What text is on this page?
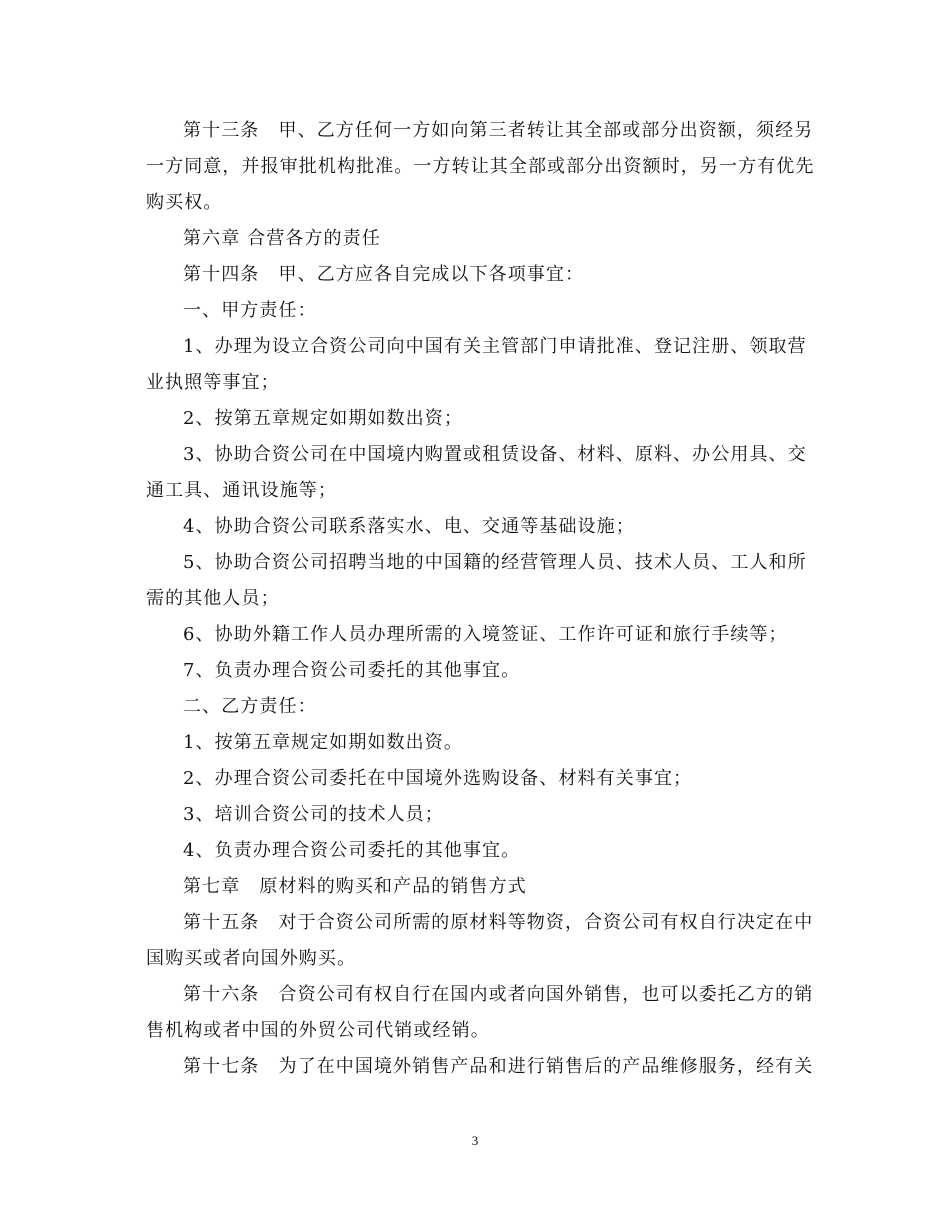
第十三条　甲、乙方任何一方如向第三者转让其全部或部分出资额，须经另
一方同意，并报审批机构批准。一方转让其全部或部分出资额时，另一方有优先
购买权。
第六章 合营各方的责任
第十四条　甲、乙方应各自完成以下各项事宜：
一、甲方责任：
1、办理为设立合资公司向中国有关主管部门申请批准、登记注册、领取营
业执照等事宜；
2、按第五章规定如期如数出资；
3、协助合资公司在中国境内购置或租赁设备、材料、原料、办公用具、交
通工具、通讯设施等；
4、协助合资公司联系落实水、电、交通等基础设施；
5、协助合资公司招聘当地的中国籍的经营管理人员、技术人员、工人和所
需的其他人员；
6、协助外籍工作人员办理所需的入境签证、工作许可证和旅行手续等；
7、负责办理合资公司委托的其他事宜。
二、乙方责任：
1、按第五章规定如期如数出资。
2、办理合资公司委托在中国境外选购设备、材料有关事宜；
3、培训合资公司的技术人员；
4、负责办理合资公司委托的其他事宜。
第七章　原材料的购买和产品的销售方式
第十五条　对于合资公司所需的原材料等物资，合资公司有权自行决定在中
国购买或者向国外购买。
第十六条　合资公司有权自行在国内或者向国外销售，也可以委托乙方的销
售机构或者中国的外贸公司代销或经销。
第十七条　为了在中国境外销售产品和进行销售后的产品维修服务，经有关
3
